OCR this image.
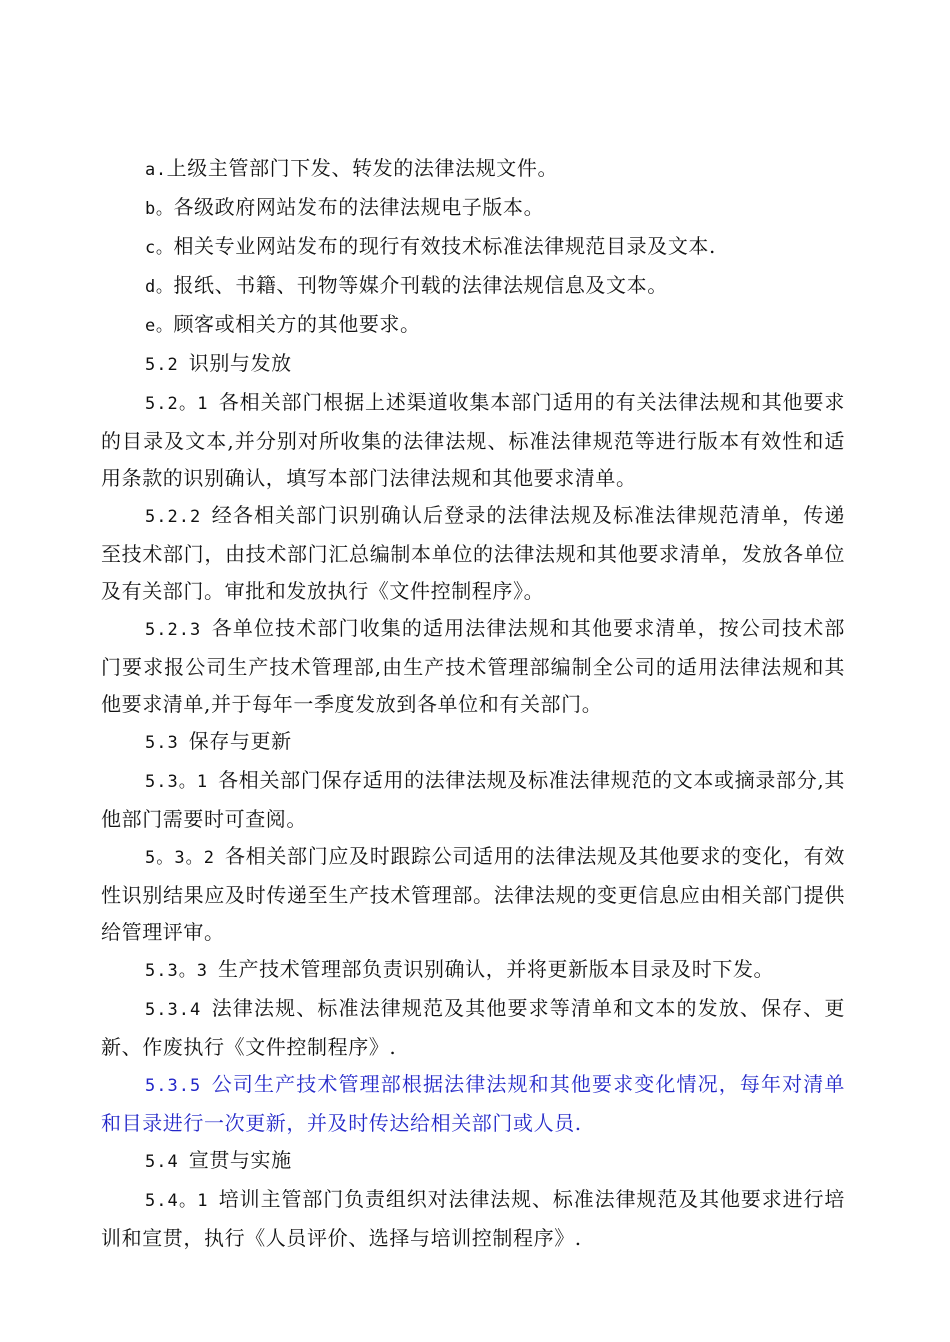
a.上级主管部门下发、转发的法律法规文件。

b。各级政府网站发布的法律法规电子版本。

c。相关专业网站发布的现行有效技术标准法律规范目录及文本.

d。报纸、书籍、刊物等媒介刊载的法律法规信息及文本。

e。顾客或相关方的其他要求。

5.2 识别与发放

5.2。1 各相关部门根据上述渠道收集本部门适用的有关法律法规和其他要求的目录及文本,并分别对所收集的法律法规、标准法律规范等进行版本有效性和适用条款的识别确认，填写本部门法律法规和其他要求清单。

5.2.2 经各相关部门识别确认后登录的法律法规及标准法律规范清单，传递至技术部门，由技术部门汇总编制本单位的法律法规和其他要求清单，发放各单位及有关部门。审批和发放执行《文件控制程序》。

5.2.3 各单位技术部门收集的适用法律法规和其他要求清单，按公司技术部门要求报公司生产技术管理部,由生产技术管理部编制全公司的适用法律法规和其他要求清单,并于每年一季度发放到各单位和有关部门。

5.3 保存与更新

5.3。1 各相关部门保存适用的法律法规及标准法律规范的文本或摘录部分,其他部门需要时可查阅。

5。3。2 各相关部门应及时跟踪公司适用的法律法规及其他要求的变化，有效性识别结果应及时传递至生产技术管理部。法律法规的变更信息应由相关部门提供给管理评审。

5.3。3 生产技术管理部负责识别确认，并将更新版本目录及时下发。

5.3.4 法律法规、标准法律规范及其他要求等清单和文本的发放、保存、更新、作废执行《文件控制程序》.

5.3.5 公司生产技术管理部根据法律法规和其他要求变化情况，每年对清单和目录进行一次更新，并及时传达给相关部门或人员.

5.4 宣贯与实施

5.4。1 培训主管部门负责组织对法律法规、标准法律规范及其他要求进行培训和宣贯，执行《人员评价、选择与培训控制程序》.
